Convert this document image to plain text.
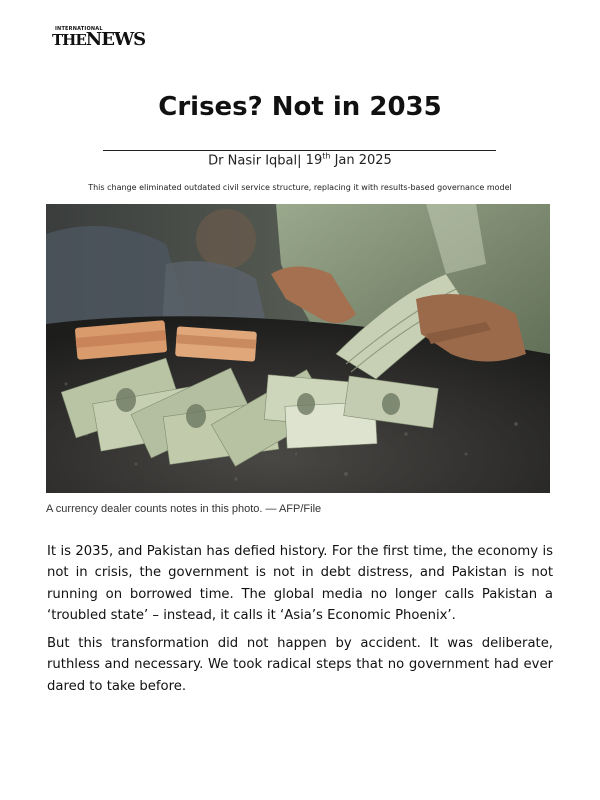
INTERNATIONAL
THENEWS
Crises? Not in 2035
Dr Nasir Iqbal| 19th Jan 2025
This change eliminated outdated civil service structure, replacing it with results-based governance model
A currency dealer counts notes in this photo. — AFP/File

It is 2035, and Pakistan has defied history. For the first time, the economy is not in crisis, the government is not in debt distress, and Pakistan is not running on borrowed time. The global media no longer calls Pakistan a ‘troubled state’ – instead, it calls it ‘Asia’s Economic Phoenix’.

But this transformation did not happen by accident. It was deliberate, ruthless and necessary. We took radical steps that no government had ever dared to take before.
